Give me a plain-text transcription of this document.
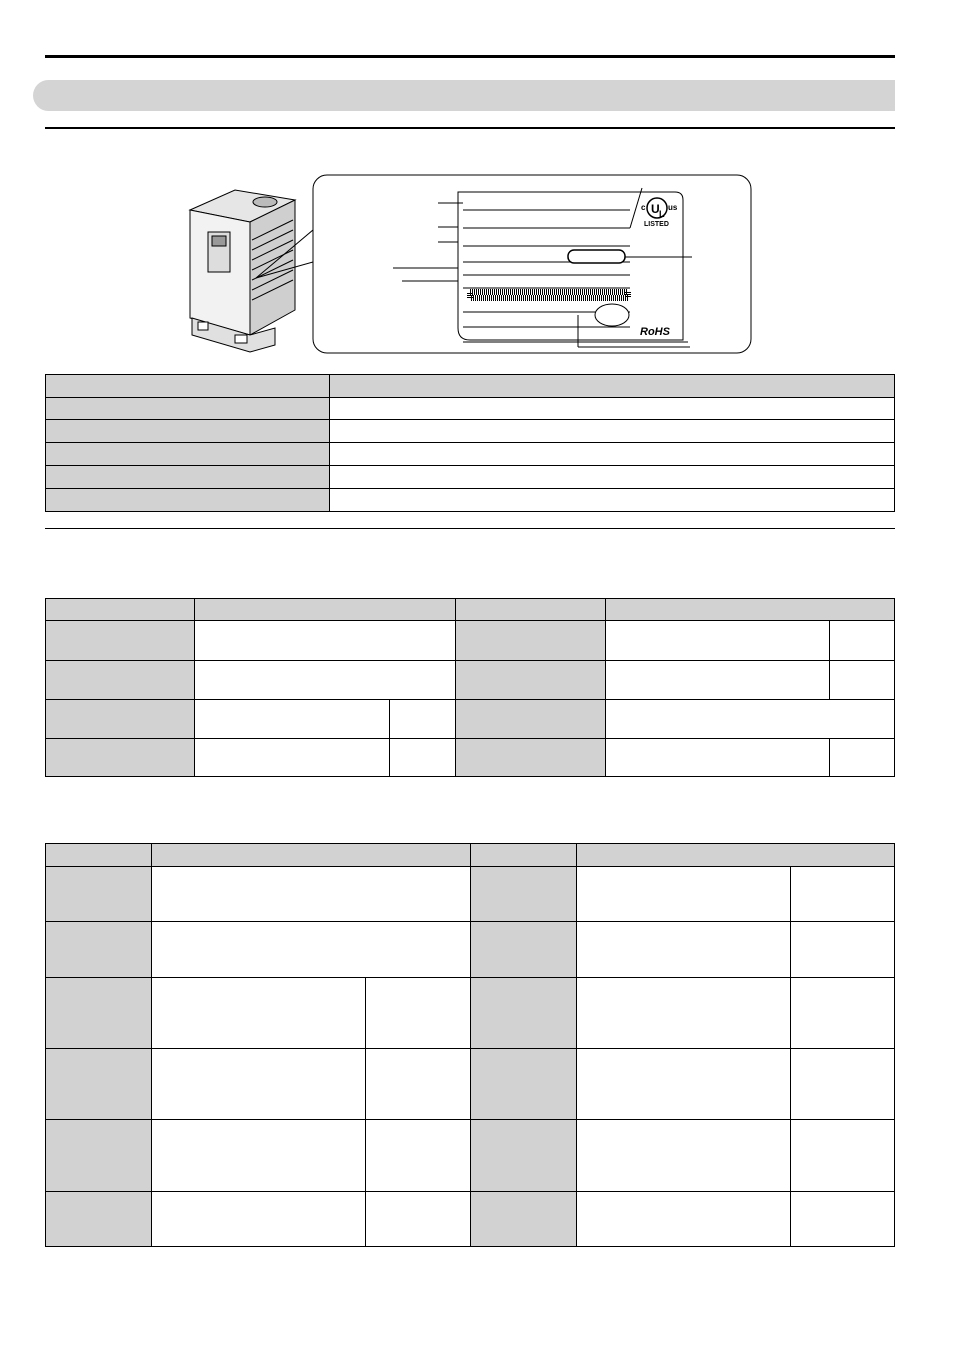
U L
c	us
LISTED
RoHS
